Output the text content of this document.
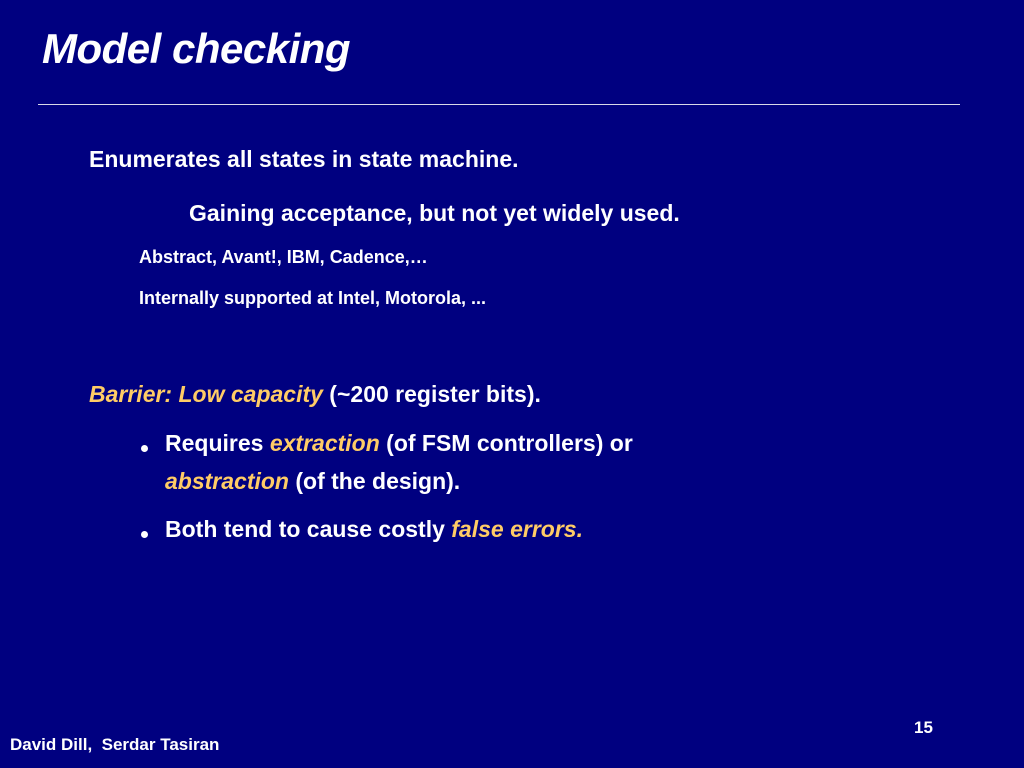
Model checking
Enumerates all states in state machine.
Gaining acceptance, but not yet widely used.
Abstract, Avant!, IBM, Cadence,…
Internally supported at Intel, Motorola, ...
Barrier: Low capacity (~200 register bits).
Requires extraction (of FSM controllers) or
abstraction (of the design).
Both tend to cause costly false errors.
15
David Dill,  Serdar Tasiran
